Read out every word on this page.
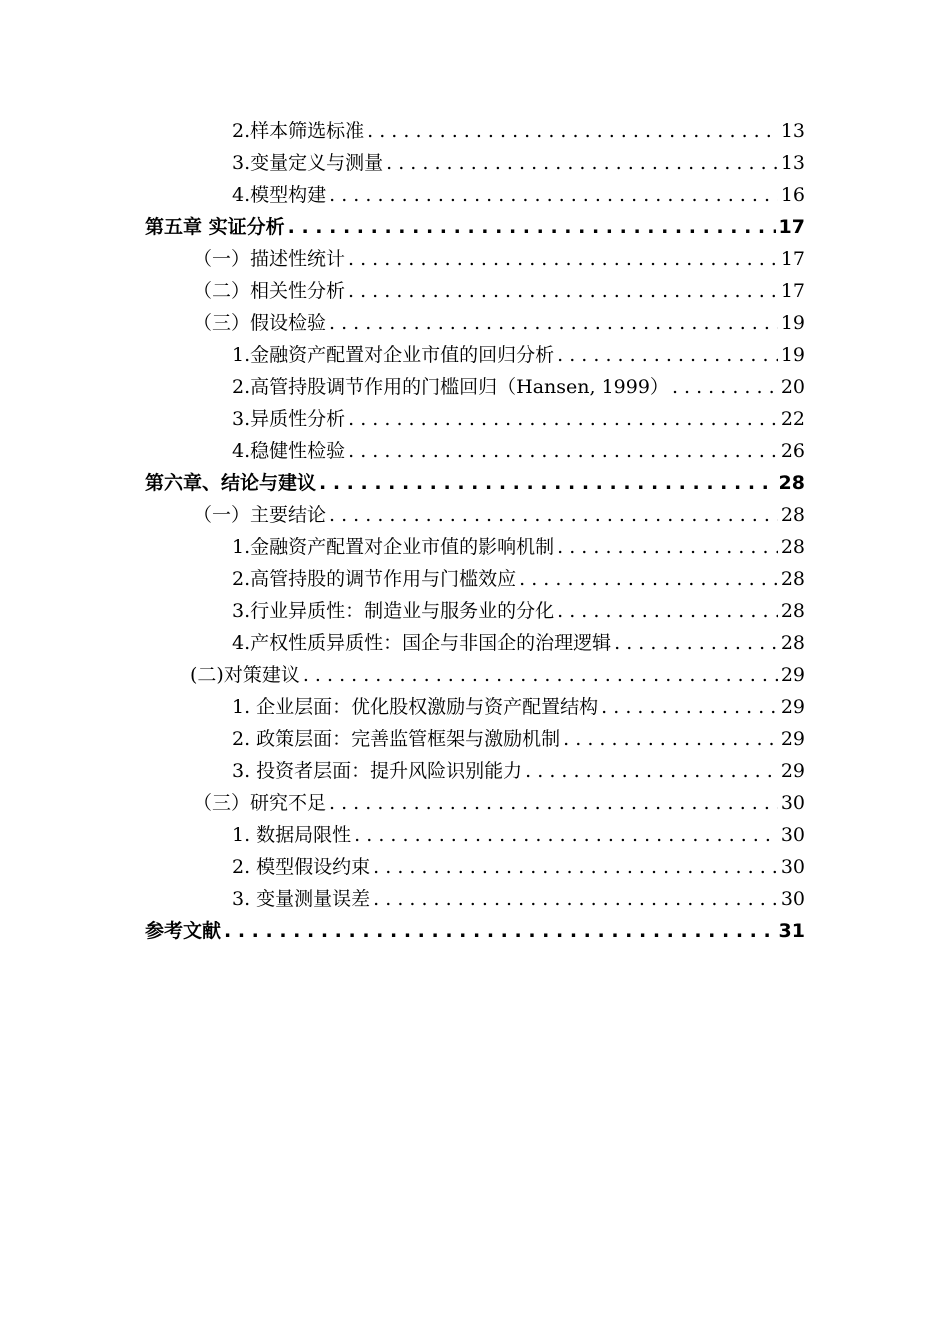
2.样本筛选标准 . . .	13
3.变量定义与测量 . . .	13
4.模型构建 . . .	16
第五章 实证分析 . . .	17
（一）描述性统计 . . .	17
（二）相关性分析 . . .	17
（三）假设检验 . . .	19
1.金融资产配置对企业市值的回归分析 . . .	19
2.高管持股调节作用的门槛回归（Hansen, 1999） . . .	20
3.异质性分析 . . .	22
4.稳健性检验 . . .	26
第六章、结论与建议 . . .	28
（一）主要结论 . . .	28
1.金融资产配置对企业市值的影响机制 . . .	28
2.高管持股的调节作用与门槛效应 . . .	28
3.行业异质性：制造业与服务业的分化 . . .	28
4.产权性质异质性：国企与非国企的治理逻辑 . . .	28
(二)对策建议 . . .	29
1. 企业层面：优化股权激励与资产配置结构 . . .	29
2. 政策层面：完善监管框架与激励机制 . . .	29
3. 投资者层面：提升风险识别能力 . . .	29
（三）研究不足 . . .	30
1. 数据局限性 . . .	30
2. 模型假设约束 . . .	30
3. 变量测量误差 . . .	30
参考文献 . . .	31
